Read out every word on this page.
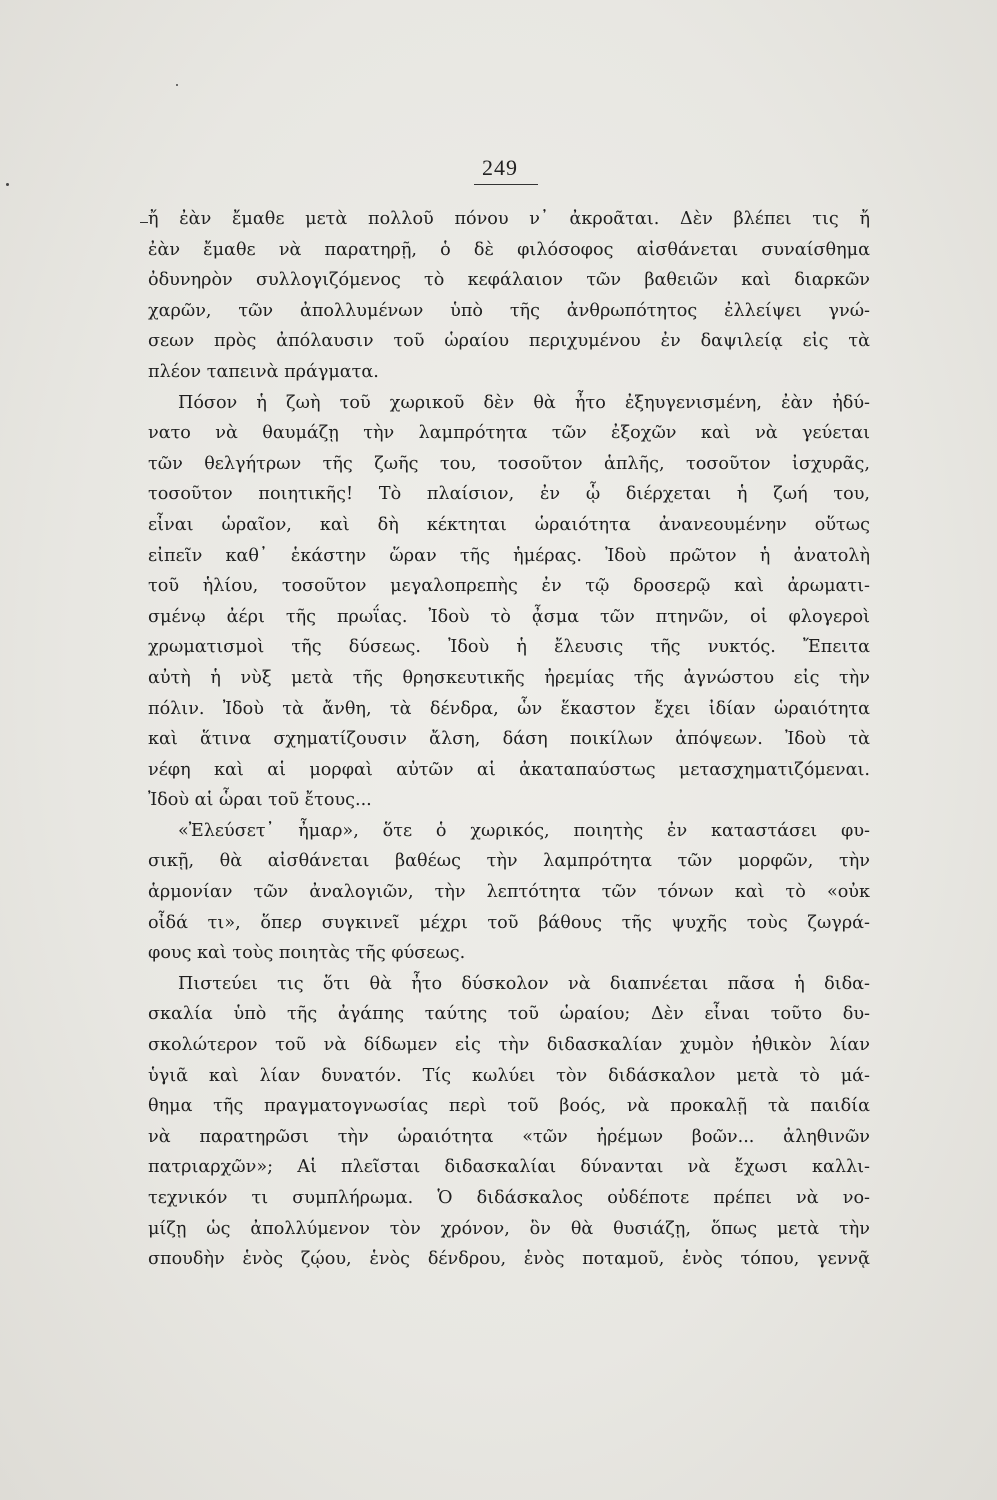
249
ἤ ἐὰν ἔμαθε μετὰ πολλοῦ πόνου ν᾽ ἀκροᾶται. Δὲν βλέπει τις ἤ
ἐὰν ἔμαθε νὰ παρατηρῇ, ὁ δὲ φιλόσοφος αἰσθάνεται συναίσθημα
ὀδυνηρὸν συλλογιζόμενος τὸ κεφάλαιον τῶν βαθειῶν καὶ διαρκῶν
χαρῶν, τῶν ἀπολλυμένων ὑπὸ τῆς ἀνθρωπότητος ἐλλείψει γνώ-
σεων πρὸς ἀπόλαυσιν τοῦ ὡραίου περιχυμένου ἐν δαψιλείᾳ εἰς τὰ
πλέον ταπεινὰ πράγματα.
Πόσον ἡ ζωὴ τοῦ χωρικοῦ δὲν θὰ ἦτο ἐξηυγενισμένη, ἐὰν ἠδύ-
νατο νὰ θαυμάζῃ τὴν λαμπρότητα τῶν ἐξοχῶν καὶ νὰ γεύεται
τῶν θελγήτρων τῆς ζωῆς του, τοσοῦτον ἁπλῆς, τοσοῦτον ἰσχυρᾶς,
τοσοῦτον ποιητικῆς! Τὸ πλαίσιον, ἐν ᾧ διέρχεται ἡ ζωή του,
εἶναι ὡραῖον, καὶ δὴ κέκτηται ὡραιότητα ἀνανεουμένην οὕτως
εἰπεῖν καθ᾽ ἑκάστην ὥραν τῆς ἡμέρας. Ἰδοὺ πρῶτον ἡ ἀνατολὴ
τοῦ ἡλίου, τοσοῦτον μεγαλοπρεπὴς ἐν τῷ δροσερῷ καὶ ἀρωματι-
σμένῳ ἀέρι τῆς πρωΐας. Ἰδοὺ τὸ ᾆσμα τῶν πτηνῶν, οἱ φλογεροὶ
χρωματισμοὶ τῆς δύσεως. Ἰδοὺ ἡ ἔλευσις τῆς νυκτός. Ἔπειτα
αὐτὴ ἡ νὺξ μετὰ τῆς θρησκευτικῆς ἠρεμίας τῆς ἀγνώστου εἰς τὴν
πόλιν. Ἰδοὺ τὰ ἄνθη, τὰ δένδρα, ὧν ἕκαστον ἔχει ἰδίαν ὡραιότητα
καὶ ἅτινα σχηματίζουσιν ἄλση, δάση ποικίλων ἀπόψεων. Ἰδοὺ τὰ
νέφη καὶ αἱ μορφαὶ αὐτῶν αἱ ἀκαταπαύστως μετασχηματιζόμεναι.
Ἰδοὺ αἱ ὧραι τοῦ ἔτους...
«Ἐλεύσετ᾽ ἦμαρ», ὅτε ὁ χωρικός, ποιητὴς ἐν καταστάσει φυ-
σικῇ, θὰ αἰσθάνεται βαθέως τὴν λαμπρότητα τῶν μορφῶν, τὴν
ἁρμονίαν τῶν ἀναλογιῶν, τὴν λεπτότητα τῶν τόνων καὶ τὸ «οὐκ
οἶδά τι», ὅπερ συγκινεῖ μέχρι τοῦ βάθους τῆς ψυχῆς τοὺς ζωγρά-
φους καὶ τοὺς ποιητὰς τῆς φύσεως.
Πιστεύει τις ὅτι θὰ ἦτο δύσκολον νὰ διαπνέεται πᾶσα ἡ διδα-
σκαλία ὑπὸ τῆς ἀγάπης ταύτης τοῦ ὡραίου; Δὲν εἶναι τοῦτο δυ-
σκολώτερον τοῦ νὰ δίδωμεν εἰς τὴν διδασκαλίαν χυμὸν ἠθικὸν λίαν
ὑγιᾶ καὶ λίαν δυνατόν. Τίς κωλύει τὸν διδάσκαλον μετὰ τὸ μά-
θημα τῆς πραγματογνωσίας περὶ τοῦ βοός, νὰ προκαλῇ τὰ παιδία
νὰ παρατηρῶσι τὴν ὡραιότητα «τῶν ἠρέμων βοῶν... ἀληθινῶν
πατριαρχῶν»; Αἱ πλεῖσται διδασκαλίαι δύνανται νὰ ἔχωσι καλλι-
τεχνικόν τι συμπλήρωμα. Ὁ διδάσκαλος οὐδέποτε πρέπει νὰ νο-
μίζῃ ὡς ἀπολλύμενον τὸν χρόνον, ὃν θὰ θυσιάζῃ, ὅπως μετὰ τὴν
σπουδὴν ἑνὸς ζῴου, ἑνὸς δένδρου, ἑνὸς ποταμοῦ, ἑνὸς τόπου, γεννᾷ
